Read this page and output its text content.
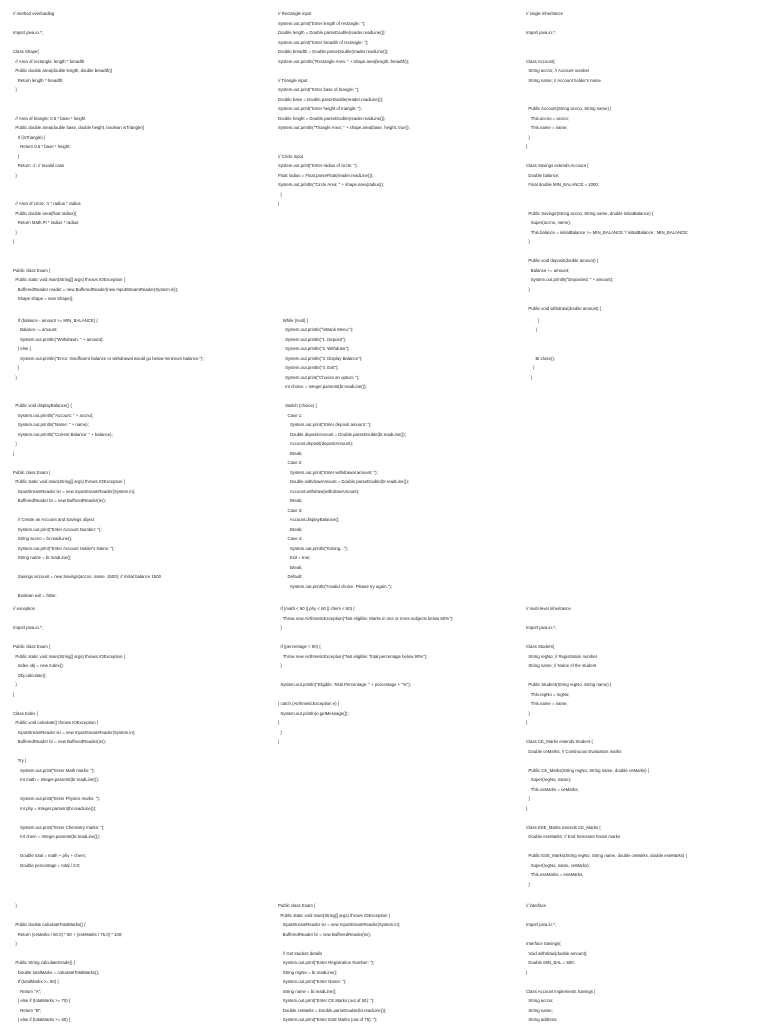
// method overloading
Import java.io.*;
Class Shape{
// Area of rectangle: length * breadth
Public double area(double length, double breadth){
Return length * breadth;
}
// Area of triangle: 0.5 * base * height
Public double area(double base, double height, boolean isTriangle){
If (isTriangle) {
Return 0.5 * base * height;
}
Return -1; // Invalid case
}
// Area of circle: π * radius * radius
Public double area(float radius){
Return Math.PI * radius * radius;
}
}
Public class Exam {
Public static void main(String[] args) throws IOException {
BufferedReader reader = new BufferedReader(new InputStreamReader(System.in));
Shape shape = new Shape();
// Rectangle input
System.out.print("Enter length of rectangle: ");
Double length = Double.parseDouble(reader.readLine());
System.out.print("Enter breadth of rectangle: ");
Double breadth = Double.parseDouble(reader.readLine());
System.out.println("Rectangle Area: " + shape.area(length, breadth));
// Triangle input
System.out.print("Enter base of triangle: ");
Double base = Double.parseDouble(reader.readLine());
System.out.print("Enter height of triangle: ");
Double height = Double.parseDouble(reader.readLine());
System.out.println("Triangle Area: " + shape.area(base, height, true));
// Circle input
System.out.print("Enter radius of circle: ");
Float radius = Float.parseFloat(reader.readLine());
System.out.println("Circle Area: " + shape.area(radius));
}
}
// single inheritance
Import java.io.*;
Class Account{
String accno; // Account number
String name; // Account holder's name
Public Account(String accno, String name) {
This.accno = accno;
This.name = name;
}
}
Class Savings extends Account {
Double balance;
Final double MIN_BALANCE = 1000;
Public Savings(String accno, String name, double initialBalance) {
Super(accno, name);
This.balance = initialBalance >= MIN_BALANCE ? initialBalance : MIN_BALANCE;
}
Public void deposit(double amount) {
Balance += amount;
System.out.println("Deposited: " + amount);
}
Public void withdraw(double amount) {
If (balance - amount >= MIN_BALANCE) {
Balance -= amount;
System.out.println("Withdrawn: " + amount);
} else {
System.out.println("Error: Insufficient balance or withdrawal would go below minimum balance.");
}
}
Public void displayBalance() {
System.out.println("Account: " + accno);
System.out.println("Name: " + name);
System.out.println("Current Balance: " + balance);
}
}
Public class Exam {
Public static void main(String[] args) throws IOException {
InputStreamReader isr = new InputStreamReader(System.in);
BufferedReader br = new BufferedReader(isr);
// Create an Account and Savings object
System.out.print("Enter Account Number: ");
String accno = br.readLine();
System.out.print("Enter Account Holder's Name: ");
String name = br.readLine();
Savings account = new Savings(accno, name, 1500); // Initial balance 1500
Boolean exit = false;
While (!exit) {
System.out.println("\nBank Menu:");
System.out.println("1. Deposit");
System.out.println("2. Withdraw");
System.out.println("3. Display Balance");
System.out.println("4. Exit");
System.out.print("Choose an option: ");
Int choice = Integer.parseInt(br.readLine());
Switch (choice) {
Case 1:
System.out.print("Enter deposit amount: ");
Double depositAmount = Double.parseDouble(br.readLine());
Account.deposit(depositAmount);
Break;
Case 2:
System.out.print("Enter withdrawal amount: ");
Double withdrawAmount = Double.parseDouble(br.readLine());
Account.withdraw(withdrawAmount);
Break;
Case 3:
Account.displayBalance();
Break;
Case 4:
System.out.println("Exiting...");
Exit = true;
Break;
Default:
System.out.println("Invalid choice. Please try again.");
}
}
Br.close();
}
}
// exception
Import java.io.*;
Public class Exam {
Public static void main(String[] args) throws IOException {
Index obj = new Index();
Obj.calculate();
}
}
Class Index {
Public void calculate() throws IOException {
InputStreamReader isr = new InputStreamReader(System.in);
BufferedReader br = new BufferedReader(isr);
Try {
System.out.print("Enter Math marks: ");
Int math = Integer.parseInt(br.readLine());
System.out.print("Enter Physics marks: ");
Int phy = Integer.parseInt(br.readLine());
System.out.print("Enter Chemistry marks: ");
Int chem = Integer.parseInt(br.readLine());
Double total = math + phy + chem;
Double percentage = total / 3.0;
If (math < 60 || phy < 60 || chem < 60) {
Throw new AirthmeticException("Not eligible: Marks in one or more subjects below 60%");
}
If (percentage < 90) {
Throw new AirthmeticException("Not eligible: Total percentage below 90%");
}
System.out.println("Eligible. Total Percentage: " + percentage + "%");
} catch (AirthmeticException e) {
System.out.println(e.getMessage());
}
}
}
// multi level inheritance
Import java.io.*;
Class Student{
String regNo; // Registration number
String name; // Name of the student
Public Student(String regNo, String name) {
This.regNo = regNo;
This.name = name;
}
}
Class CE_Marks extends Student {
Double ceMarks; // Continuous Evaluation marks
Public CE_Marks(String regNo, String name, double ceMarks) {
Super(regNo, name);
This.ceMarks = ceMarks;
}
}
Class ESE_Marks extends CE_Marks {
Double eseMarks; // End Semester Exam marks
Public ESE_Marks(String regNo, String name, double ceMarks, double eseMarks) {
Super(regNo, name, ceMarks);
This.eseMarks = eseMarks;
}
}
Public double calculateTotalMarks() {
Return (ceMarks / 50.0) * 50 + (eseMarks / 75.0) * 100;
}
Public String calculateGrade() {
Double totalMarks = calculateTotalMarks();
If (totalMarks >= 80) {
Return "A";
} else if (totalMarks >= 70) {
Return "B";
} else if (totalMarks >= 60) {
Public class Exam {
Public static void main(String[] args) throws IOException {
InputStreamReader isr = new InputStreamReader(System.in);
BufferedReader br = new BufferedReader(isr);
// Get student details
System.out.print("Enter Registration Number: ");
String regNo = br.readLine();
System.out.print("Enter Name: ");
String name = br.readLine();
System.out.print("Enter CE Marks (out of 50): ");
Double ceMarks = Double.parseDouble(br.readLine());
System.out.print("Enter ESE Marks (out of 75): ");
// interface
Import java.io.*;
Interface Savings{
Void withdraw(double amount);
Double MIN_BAL = 500;
}
Class Account implements Savings {
String accno;
String name;
String address;
